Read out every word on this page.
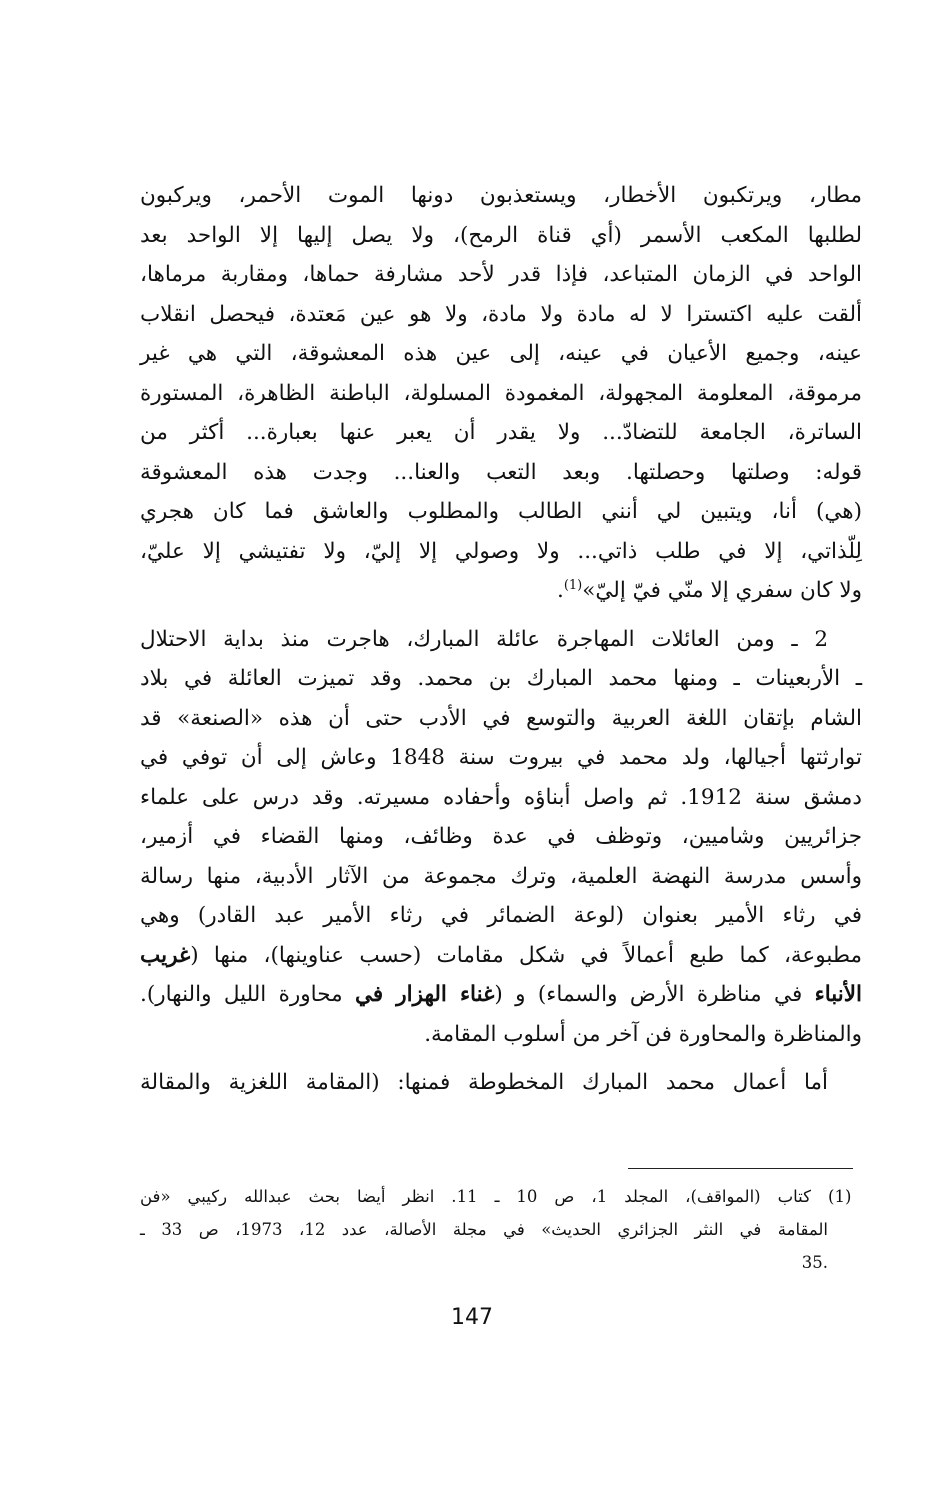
مطار، ويرتكبون الأخطار، ويستعذبون دونها الموت الأحمر، ويركبون
لطلبها المكعب الأسمر (أي قناة الرمح)، ولا يصل إليها إلا الواحد بعد
الواحد في الزمان المتباعد، فإذا قدر لأحد مشارفة حماها، ومقاربة مرماها،
ألقت عليه اكتسترا لا له مادة ولا مادة، ولا هو عين مَعتدة، فيحصل انقلاب
عينه، وجميع الأعيان في عينه، إلى عين هذه المعشوقة، التي هي غير
مرموقة، المعلومة المجهولة، المغمودة المسلولة، الباطنة الظاهرة، المستورة
الساترة، الجامعة للتضادّ... ولا يقدر أن يعبر عنها بعبارة... أكثر من
قوله: وصلتها وحصلتها. وبعد التعب والعنا... وجدت هذه المعشوقة
(هي) أنا، ويتبين لي أنني الطالب والمطلوب والعاشق فما كان هجري
لِلّذاتي، إلا في طلب ذاتي... ولا وصولي إلا إليّ، ولا تفتيشي إلا عليّ،
ولا كان سفري إلا منّي فيّ إليّ»$^{(1)}$.
2 ـ ومن العائلات المهاجرة عائلة المبارك، هاجرت منذ بداية الاحتلال
ـ الأربعينات ـ ومنها محمد المبارك بن محمد. وقد تميزت العائلة في بلاد
الشام بإتقان اللغة العربية والتوسع في الأدب حتى أن هذه «الصنعة» قد
توارثتها أجيالها، ولد محمد في بيروت سنة 1848 وعاش إلى أن توفي في
دمشق سنة 1912. ثم واصل أبناؤه وأحفاده مسيرته. وقد درس على علماء
جزائريين وشاميين، وتوظف في عدة وظائف، ومنها القضاء في أزمير،
وأسس مدرسة النهضة العلمية، وترك مجموعة من الآثار الأدبية، منها رسالة
في رثاء الأمير بعنوان (لوعة الضمائر في رثاء الأمير عبد القادر) وهي
مطبوعة، كما طبع أعمالاً في شكل مقامات (حسب عناوينها)، منها (غريب
الأنباء في مناظرة الأرض والسماء) و (غناء الهزار في محاورة الليل والنهار).
والمناظرة والمحاورة فن آخر من أسلوب المقامة.
أما أعمال محمد المبارك المخطوطة فمنها: (المقامة اللغزية والمقالة
(1) كتاب (المواقف)، المجلد 1، ص 10 ـ 11. انظر أيضا بحث عبدالله ركيبي «فن
المقامة في النثر الجزائري الحديث» في مجلة الأصالة، عدد 12، 1973، ص 33 ـ
.35
147
